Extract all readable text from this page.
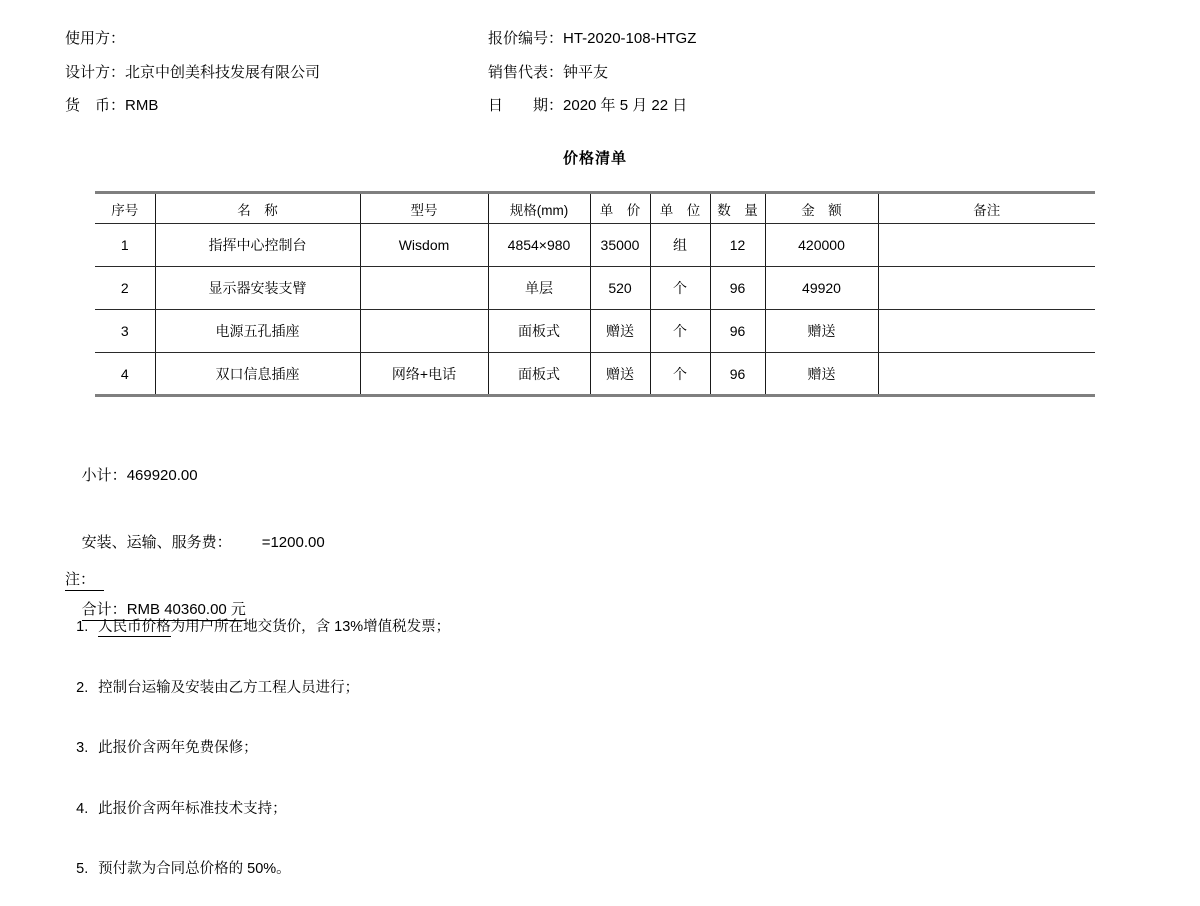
使用方：
设计方：北京中创美科技发展有限公司
货　币：RMB
报价编号：HT-2020-108-HTGZ
销售代表：钟平友
日　　期：2020 年 5 月 22 日
价格清单
序号	名　称	型号	规格(mm)	单　价	单　位	数　量	金　额	备注
1	指挥中心控制台	Wisdom	4854×980	35000	组	12	420000	
2	显示器安装支臂		单层	520	个	96	49920	
3	电源五孔插座		面板式	赠送	个	96	赠送	
4	双口信息插座	网络+电话	面板式	赠送	个	96	赠送	

小计：469920.00

安装、运输、服务费： =1200.00

合计：RMB 40360.00 元

注：

1. 人民币价格为用户所在地交货价，含 13%增值税发票；

2. 控制台运输及安装由乙方工程人员进行；

3. 此报价含两年免费保修；

4. 此报价含两年标准技术支持；

5. 预付款为合同总价格的 50%。
